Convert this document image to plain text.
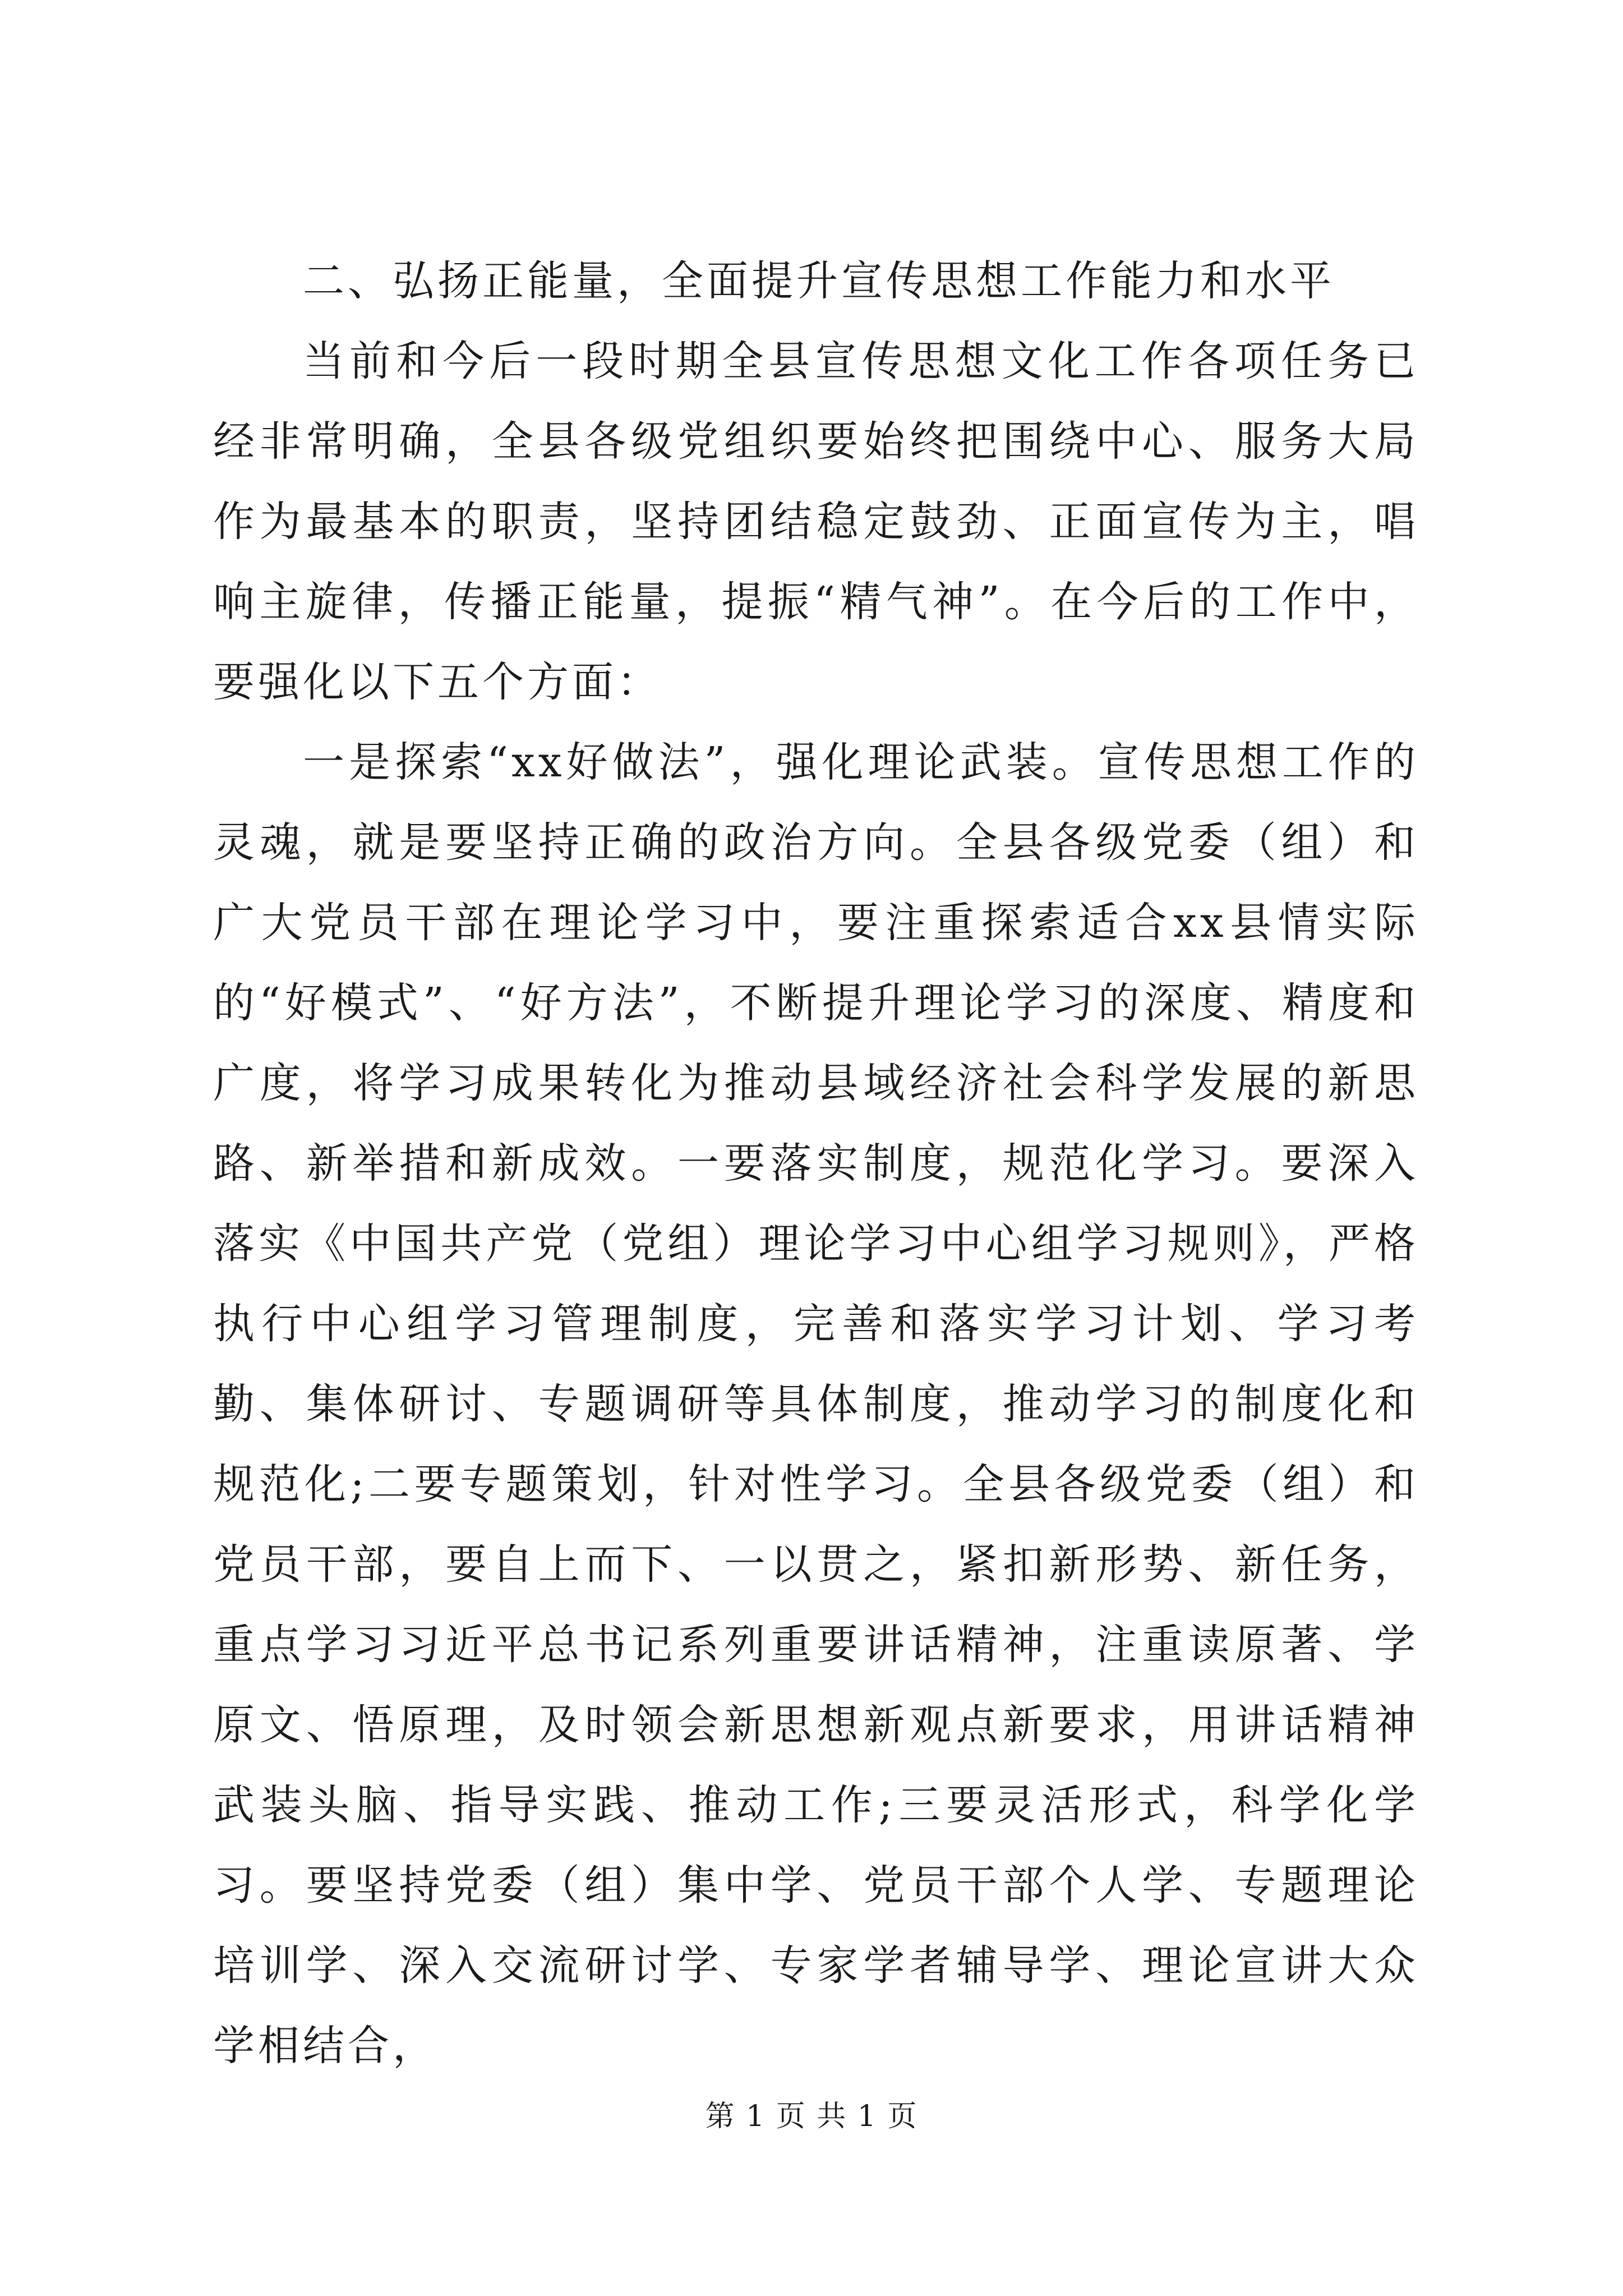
二、弘扬正能量，全面提升宣传思想工作能力和水平

当前和今后一段时期全县宣传思想文化工作各项任务已经非常明确，全县各级党组织要始终把围绕中心、服务大局作为最基本的职责，坚持团结稳定鼓劲、正面宣传为主，唱响主旋律，传播正能量，提振“精气神”。在今后的工作中，要强化以下五个方面：

一是探索“xx好做法”，强化理论武装。宣传思想工作的灵魂，就是要坚持正确的政治方向。全县各级党委（组）和广大党员干部在理论学习中，要注重探索适合xx县情实际的“好模式”、“好方法”，不断提升理论学习的深度、精度和广度，将学习成果转化为推动县域经济社会科学发展的新思路、新举措和新成效。一要落实制度，规范化学习。要深入落实《中国共产党（党组）理论学习中心组学习规则》，严格执行中心组学习管理制度，完善和落实学习计划、学习考勤、集体研讨、专题调研等具体制度，推动学习的制度化和规范化;二要专题策划，针对性学习。全县各级党委（组）和党员干部，要自上而下、一以贯之，紧扣新形势、新任务，重点学习习近平总书记系列重要讲话精神，注重读原著、学原文、悟原理，及时领会新思想新观点新要求，用讲话精神武装头脑、指导实践、推动工作;三要灵活形式，科学化学习。要坚持党委（组）集中学、党员干部个人学、专题理论培训学、深入交流研讨学、专家学者辅导学、理论宣讲大众学相结合，

第 1 页 共 1 页
